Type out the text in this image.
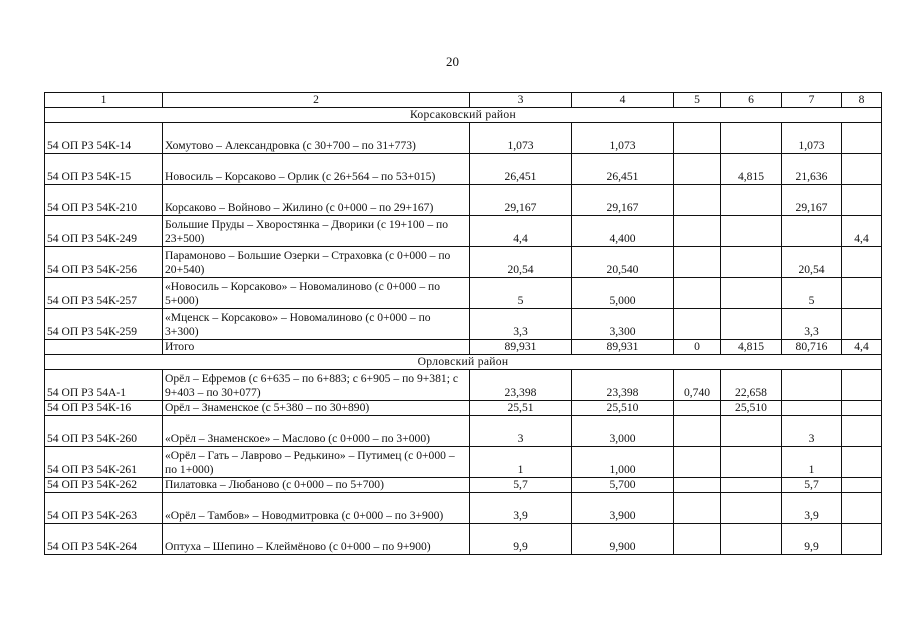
20
1	2	3	4	5	6	7	8
Корсаковский район							
54 ОП РЗ 54К-14	Хомутово – Александровка (с 30+700 – по 31+773)	1,073	1,073			1,073	
54 ОП РЗ 54К-15	Новосиль – Корсаково – Орлик (с 26+564 – по 53+015)	26,451	26,451		4,815	21,636	
54 ОП РЗ 54К-210	Корсаково – Войново – Жилино (с 0+000 – по 29+167)	29,167	29,167			29,167	
54 ОП РЗ 54К-249	Большие Пруды – Хворостянка – Дворики (с 19+100 – по 23+500)	4,4	4,400				4,4
54 ОП РЗ 54К-256	Парамоново – Большие Озерки – Страховка (с 0+000 – по 20+540)	20,54	20,540			20,54	
54 ОП РЗ 54К-257	«Новосиль – Корсаково» – Новомалиново (с 0+000 – по 5+000)	5	5,000			5	
54 ОП РЗ 54К-259	«Мценск – Корсаково» – Новомалиново (с 0+000 – по 3+300)	3,3	3,300			3,3	
	Итого	89,931	89,931	0	4,815	80,716	4,4
Орловский район							
54 ОП РЗ 54А-1	Орёл – Ефремов (с 6+635 – по 6+883; с 6+905 – по 9+381; с 9+403 – по 30+077)	23,398	23,398	0,740	22,658		
54 ОП РЗ 54К-16	Орёл – Знаменское (с 5+380 – по 30+890)	25,51	25,510		25,510		
54 ОП РЗ 54К-260	«Орёл – Знаменское» – Маслово (с 0+000 – по 3+000)	3	3,000			3	
54 ОП РЗ 54К-261	«Орёл – Гать – Лаврово – Редькино» – Путимец (с 0+000 – по 1+000)	1	1,000			1	
54 ОП РЗ 54К-262	Пилатовка – Любаново (с 0+000 – по 5+700)	5,7	5,700			5,7	
54 ОП РЗ 54К-263	«Орёл – Тамбов» – Новодмитровка (с 0+000 – по 3+900)	3,9	3,900			3,9	
54 ОП РЗ 54К-264	Оптуха – Шепино – Клеймёново (с 0+000 – по 9+900)	9,9	9,900			9,9	
